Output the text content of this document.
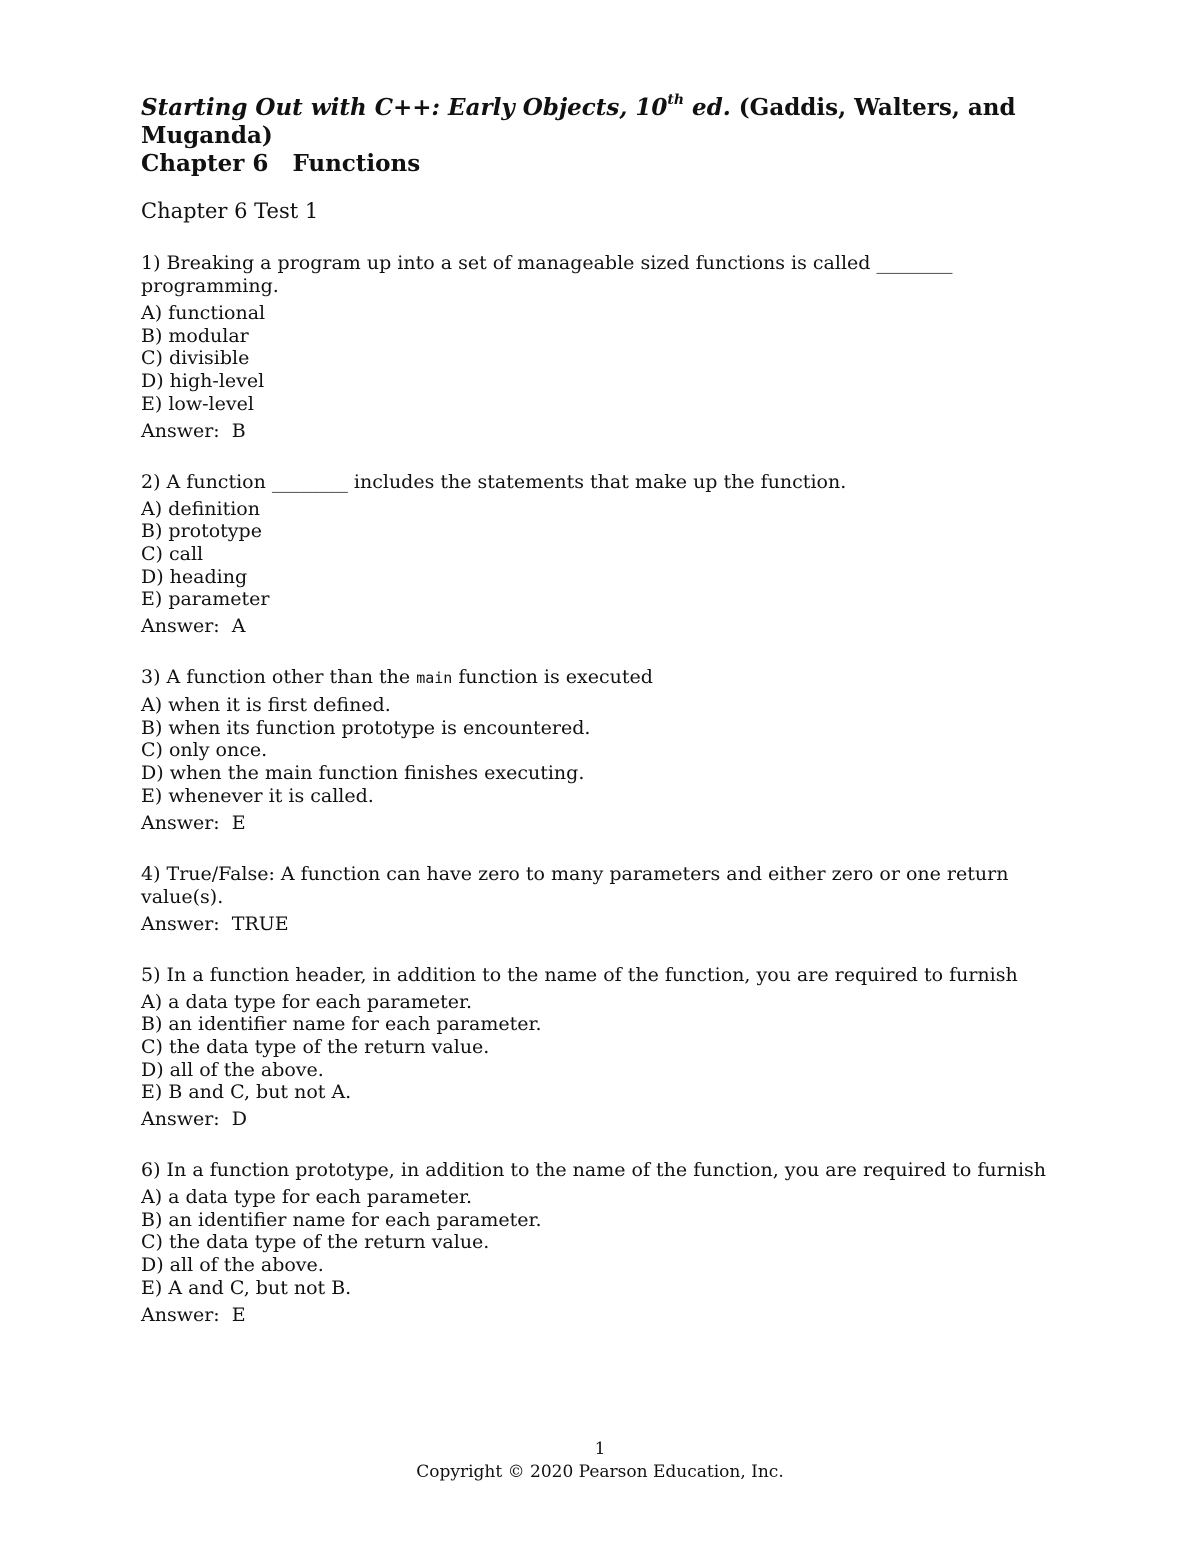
Starting Out with C++: Early Objects, 10th ed. (Gaddis, Walters, and Muganda)

Chapter 6 Functions

Chapter 6 Test 1

1) Breaking a program up into a set of manageable sized functions is called ________ programming.

A) functional
B) modular
C) divisible
D) high-level
E) low-level

Answer:  B

2) A function ________ includes the statements that make up the function.

A) definition
B) prototype
C) call
D) heading
E) parameter

Answer:  A

3) A function other than the main function is executed

A) when it is first defined.
B) when its function prototype is encountered.
C) only once.
D) when the main function finishes executing.
E) whenever it is called.

Answer:  E

4) True/False: A function can have zero to many parameters and either zero or one return value(s).

Answer:  TRUE

5) In a function header, in addition to the name of the function, you are required to furnish

A) a data type for each parameter.
B) an identifier name for each parameter.
C) the data type of the return value.
D) all of the above.
E) B and C, but not A.

Answer:  D

6) In a function prototype, in addition to the name of the function, you are required to furnish

A) a data type for each parameter.
B) an identifier name for each parameter.
C) the data type of the return value.
D) all of the above.
E) A and C, but not B.

Answer:  E

1
Copyright © 2020 Pearson Education, Inc.
